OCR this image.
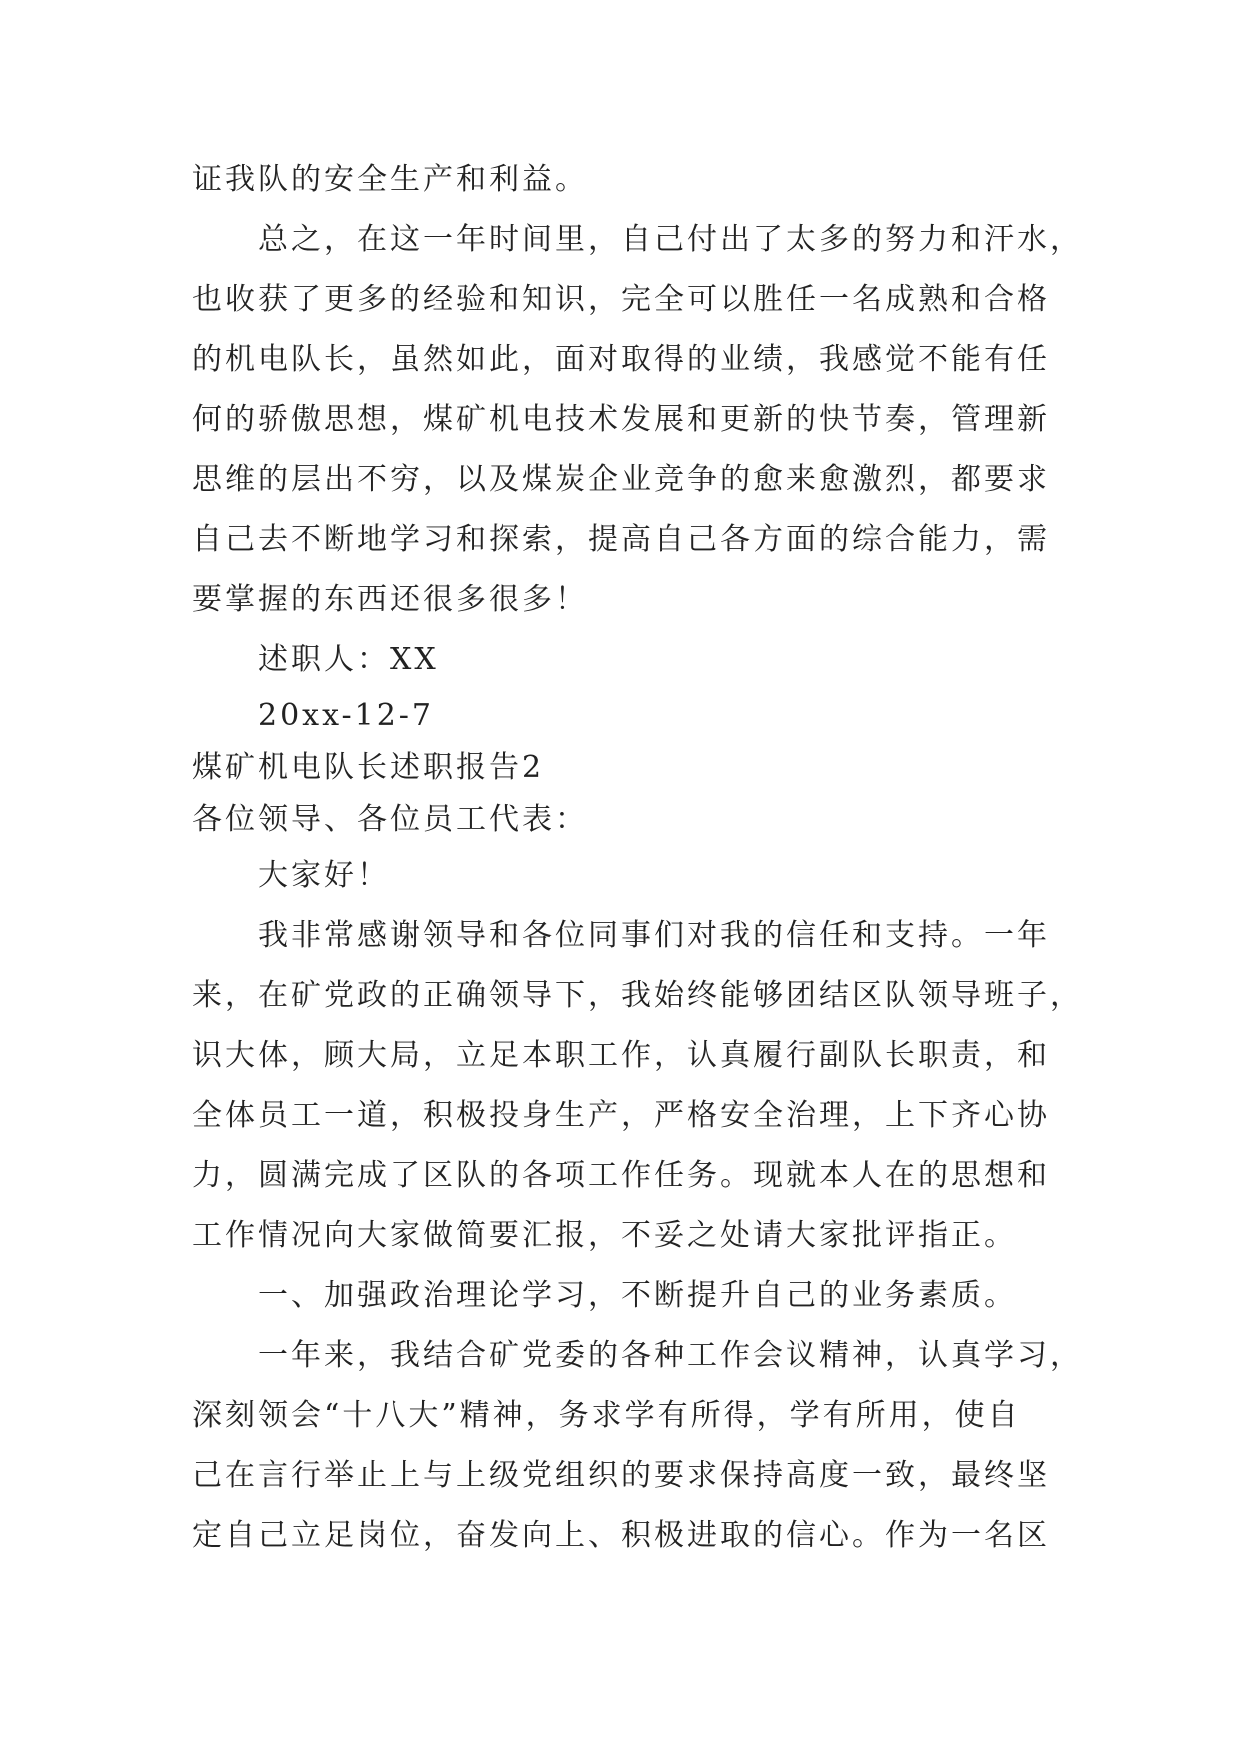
证我队的安全生产和利益。
总之，在这一年时间里，自己付出了太多的努力和汗水，
也收获了更多的经验和知识，完全可以胜任一名成熟和合格
的机电队长，虽然如此，面对取得的业绩，我感觉不能有任
何的骄傲思想，煤矿机电技术发展和更新的快节奏，管理新
思维的层出不穷，以及煤炭企业竞争的愈来愈激烈，都要求
自己去不断地学习和探索，提高自己各方面的综合能力，需
要掌握的东西还很多很多！
述职人：XX
20xx-12-7
煤矿机电队长述职报告2
各位领导、各位员工代表：
大家好！
我非常感谢领导和各位同事们对我的信任和支持。一年
来，在矿党政的正确领导下，我始终能够团结区队领导班子，
识大体，顾大局，立足本职工作，认真履行副队长职责，和
全体员工一道，积极投身生产，严格安全治理，上下齐心协
力，圆满完成了区队的各项工作任务。现就本人在的思想和
工作情况向大家做简要汇报，不妥之处请大家批评指正。
一、加强政治理论学习，不断提升自己的业务素质。
一年来，我结合矿党委的各种工作会议精神，认真学习，
深刻领会“十八大”精神，务求学有所得，学有所用，使自
己在言行举止上与上级党组织的要求保持高度一致，最终坚
定自己立足岗位，奋发向上、积极进取的信心。作为一名区
